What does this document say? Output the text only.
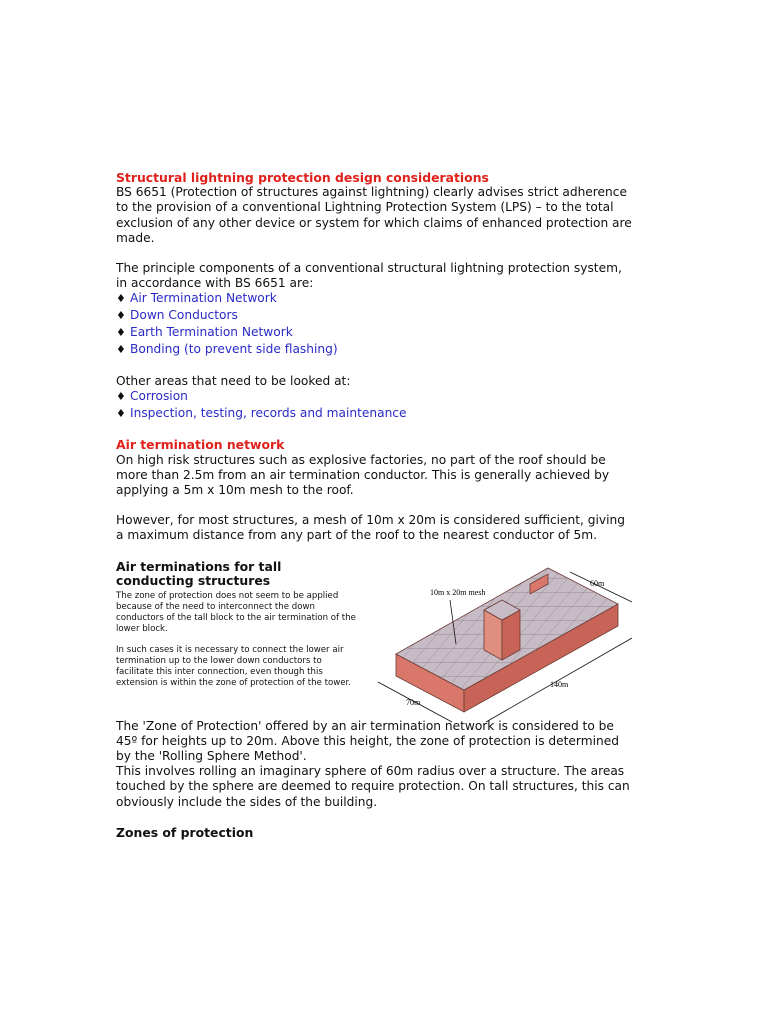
Structural lightning protection design considerations

BS 6651 (Protection of structures against lightning) clearly advises strict adherence to the provision of a conventional Lightning Protection System (LPS) – to the total exclusion of any other device or system for which claims of enhanced protection are made.

The principle components of a conventional structural lightning protection system, in accordance with BS 6651 are:

♦ Air Termination Network
♦ Down Conductors
♦ Earth Termination Network
♦ Bonding (to prevent side flashing)

Other areas that need to be looked at:

♦ Corrosion
♦ Inspection, testing, records and maintenance
Air termination network

On high risk structures such as explosive factories, no part of the roof should be more than 2.5m from an air termination conductor. This is generally achieved by applying a 5m x 10m mesh to the roof.

However, for most structures, a mesh of 10m x 20m is considered sufficient, giving a maximum distance from any part of the roof to the nearest conductor of 5m.

Air terminations for tall conducting structures
The zone of protection does not seem to be applied because of the need to interconnect the down conductors of the tall block to the air termination of the lower block.
In such cases it is necessary to connect the lower air termination up to the lower down conductors to facilitate this inter connection, even though this extension is within the zone of protection of the tower.

The 'Zone of Protection' offered by an air termination network is considered to be 45º for heights up to 20m. Above this height, the zone of protection is determined by the 'Rolling Sphere Method'.

This involves rolling an imaginary sphere of 60m radius over a structure. The areas touched by the sphere are deemed to require protection. On tall structures, this can obviously include the sides of the building.

Zones of protection
10m x 20m mesh
60m
140m
70m
